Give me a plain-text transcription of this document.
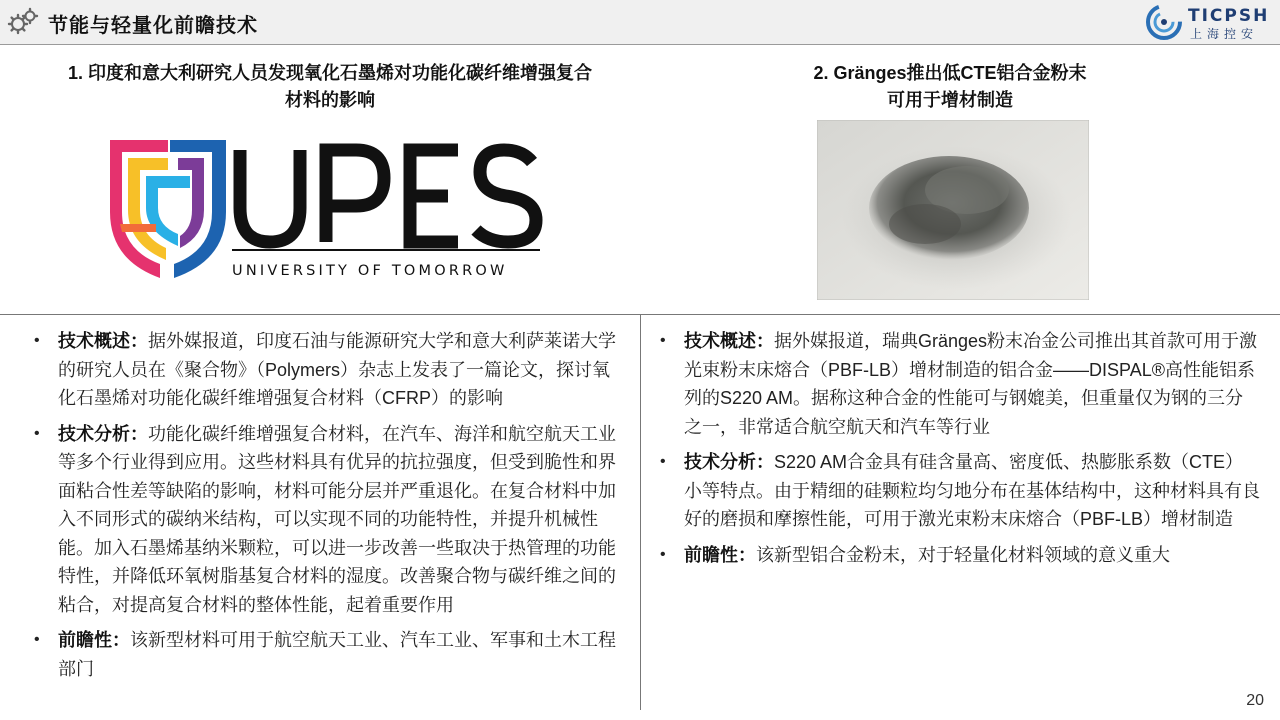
节能与轻量化前瞻技术	TICPSH
上海控安
1. 印度和意大利研究人员发现氧化石墨烯对功能化碳纤维增强复合
材料的影响
2. Gränges推出低CTE铝合金粉末
可用于增材制造
UNIVERSITY OF TOMORROW
• 技术概述：据外媒报道，印度石油与能源研究大学和意大利萨莱诺大学的研究人员在《聚合物》（Polymers）杂志上发表了一篇论文，探讨氧化石墨烯对功能化碳纤维增强复合材料（CFRP）的影响
• 技术分析：功能化碳纤维增强复合材料，在汽车、海洋和航空航天工业等多个行业得到应用。这些材料具有优异的抗拉强度，但受到脆性和界面粘合性差等缺陷的影响，材料可能分层并严重退化。在复合材料中加入不同形式的碳纳米结构，可以实现不同的功能特性，并提升机械性能。加入石墨烯基纳米颗粒，可以进一步改善一些取决于热管理的功能特性，并降低环氧树脂基复合材料的湿度。改善聚合物与碳纤维之间的粘合，对提高复合材料的整体性能，起着重要作用
• 前瞻性：该新型材料可用于航空航天工业、汽车工业、军事和土木工程部门
• 技术概述：据外媒报道，瑞典Gränges粉末冶金公司推出其首款可用于激光束粉末床熔合（PBF-LB）增材制造的铝合金——DISPAL®高性能铝系列的S220 AM。据称这种合金的性能可与钢媲美，但重量仅为钢的三分之一，非常适合航空航天和汽车等行业
• 技术分析：S220 AM合金具有硅含量高、密度低、热膨胀系数（CTE）小等特点。由于精细的硅颗粒均匀地分布在基体结构中，这种材料具有良好的磨损和摩擦性能，可用于激光束粉末床熔合（PBF-LB）增材制造
• 前瞻性：该新型铝合金粉末，对于轻量化材料领域的意义重大
20
